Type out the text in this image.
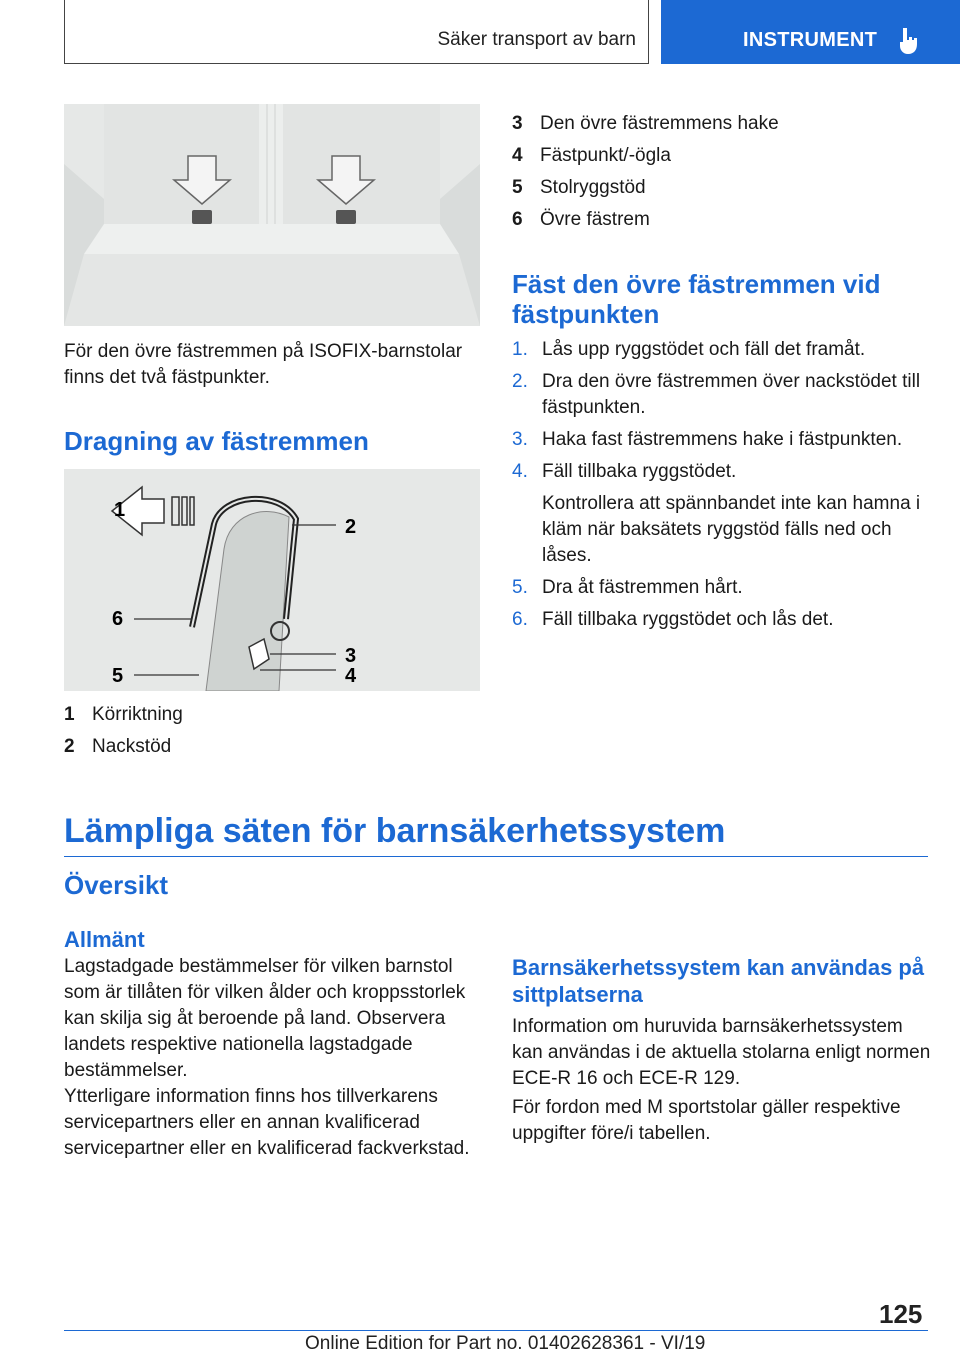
Säker transport av barn	INSTRUMENT
För den övre fästremmen på ISOFIX-barnstolar finns det två fästpunkter.
Dragning av fästremmen
1
2
6
3
5	4
1 Körriktning
2 Nackstöd
3 Den övre fästremmens hake
4 Fästpunkt/-ögla
5 Stolryggstöd
6 Övre fästrem
Fäst den övre fästremmen vid fästpunkten
1. Lås upp ryggstödet och fäll det framåt.
2. Dra den övre fästremmen över nackstödet till fästpunkten.
3. Haka fast fästremmens hake i fästpunkten.
4. Fäll tillbaka ryggstödet.
Kontrollera att spännbandet inte kan hamna i kläm när baksätets ryggstöd fälls ned och låses.
5. Dra åt fästremmen hårt.
6. Fäll tillbaka ryggstödet och lås det.
Lämpliga säten för barnsäkerhetssystem
Översikt
Allmänt
Lagstadgade bestämmelser för vilken barnstol som är tillåten för vilken ålder och kroppsstorlek kan skilja sig åt beroende på land. Observera landets respektive nationella lagstadgade bestämmelser.
Ytterligare information finns hos tillverkarens servicepartners eller en annan kvalificerad servicepartner eller en kvalificerad fackverkstad.
Barnsäkerhetssystem kan användas på sittplatserna
Information om huruvida barnsäkerhetssystem kan användas i de aktuella stolarna enligt normen ECE-R 16 och ECE-R 129.
För fordon med M sportstolar gäller respektive uppgifter före/i tabellen.
125
Online Edition for Part no. 01402628361 - VI/19
